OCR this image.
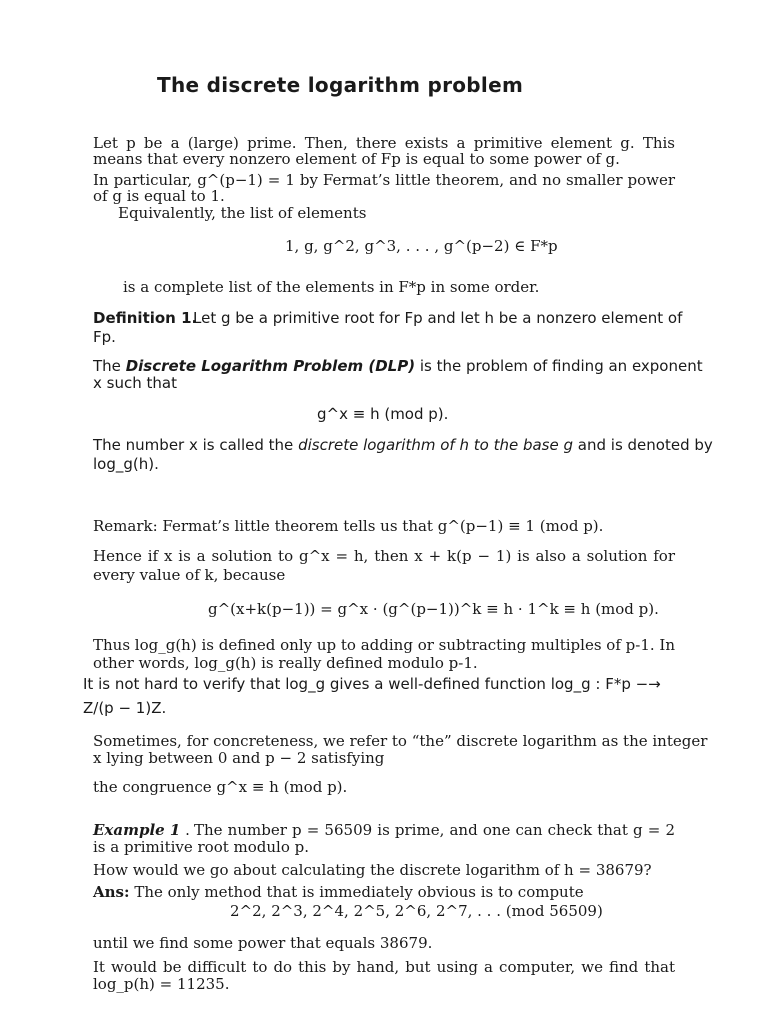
The discrete logarithm problem
Let p be a (large) prime. Then, there exists a primitive element g. This
means that every nonzero element of Fp is equal to some power of g.
In particular, g^(p−1) = 1 by Fermat’s little theorem, and no smaller power
of g is equal to 1.
Equivalently, the list of elements
1, g, g^2, g^3, . . . , g^(p−2) ∈ F*p
is a complete list of the elements in F*p in some order.
Definition 1.
Let g be a primitive root for Fp and let h be a nonzero element of
Fp.
The Discrete Logarithm Problem (DLP) is the problem of finding an exponent
x such that
g^x ≡ h (mod p).
The number x is called the discrete logarithm of h to the base g and is denoted by
log_g(h).
Remark: Fermat’s little theorem tells us that g^(p−1) ≡ 1 (mod p).
Hence if x is a solution to g^x = h, then x + k(p − 1) is also a solution for
every value of k, because
g^(x+k(p−1)) = g^x · (g^(p−1))^k ≡ h · 1^k ≡ h (mod p).
Thus log_g(h) is defined only up to adding or subtracting multiples of p-1. In
other words, log_g(h) is really defined modulo p-1.
It is not hard to verify that log_g gives a well-defined function log_g : F*p −→
Z/(p − 1)Z.
Sometimes, for concreteness, we refer to “the” discrete logarithm as the integer
x lying between 0 and p − 2 satisfying
the congruence g^x ≡ h (mod p).
Example 1 . The number p = 56509 is prime, and one can check that g = 2
is a primitive root modulo p.
How would we go about calculating the discrete logarithm of h = 38679?
Ans: The only method that is immediately obvious is to compute
2^2, 2^3, 2^4, 2^5, 2^6, 2^7, . . . (mod 56509)
until we find some power that equals 38679.
It would be difficult to do this by hand, but using a computer, we find that
log_p(h) = 11235.
